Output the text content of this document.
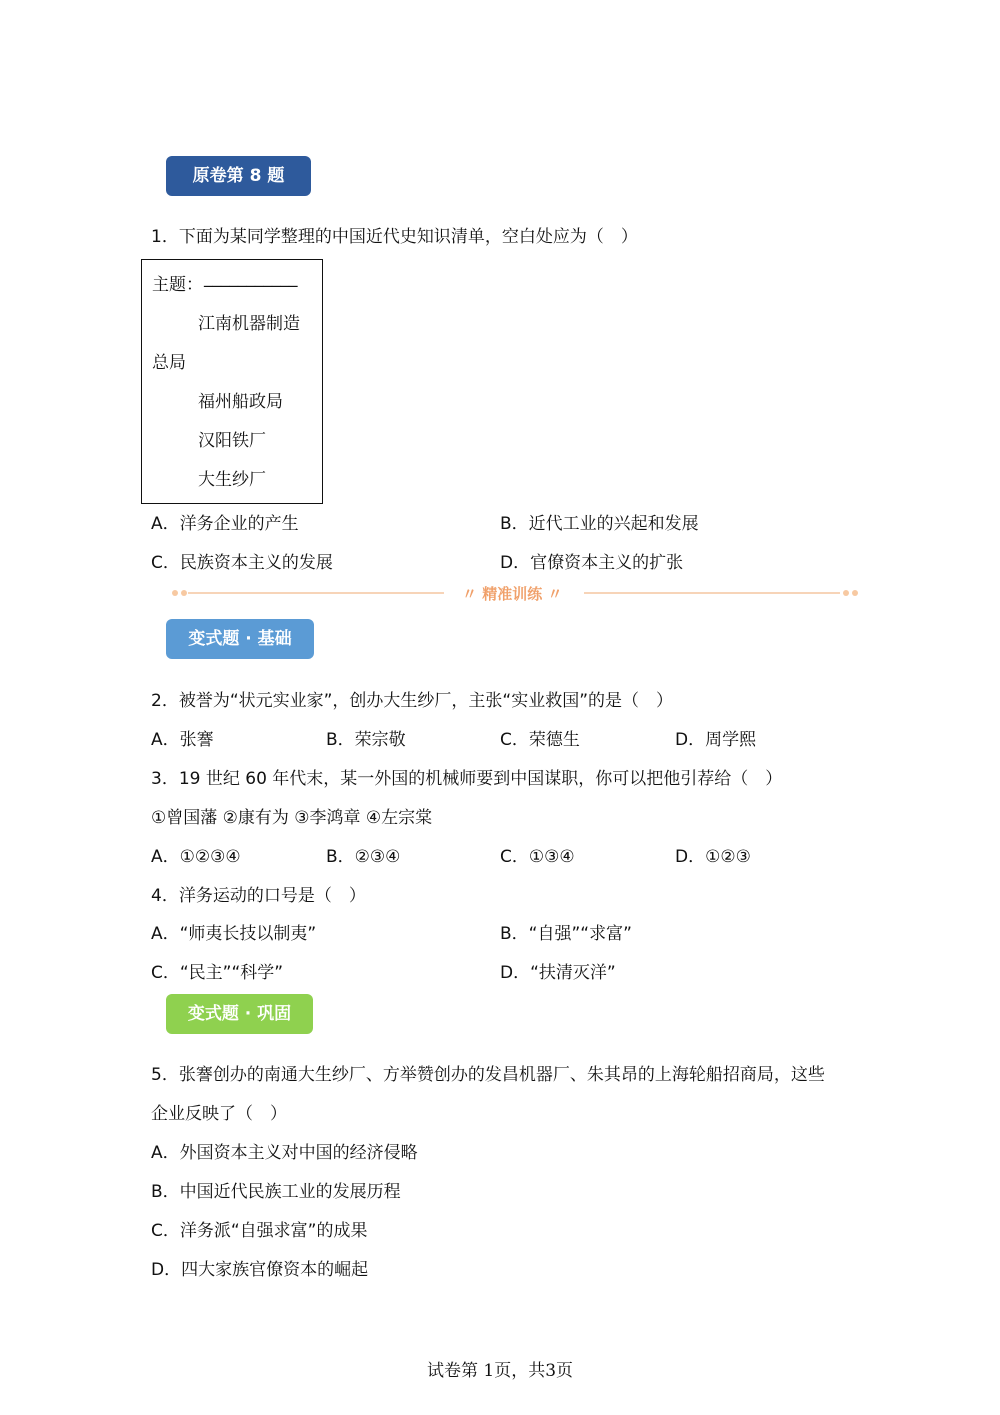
原卷第 8 题
1．下面为某同学整理的中国近代史知识清单，空白处应为（　）
主题： ___________
江南机器制造
总局
福州船政局
汉阳铁厂
大生纱厂
A．洋务企业的产生	B．近代工业的兴起和发展
C．民族资本主义的发展	D．官僚资本主义的扩张
〃 精准训练 〃
变式题 · 基础
2．被誉为“状元实业家”，创办大生纱厂，主张“实业救国”的是（　）
A．张謇	B．荣宗敬	C．荣德生	D．周学熙
3．19 世纪 60 年代末，某一外国的机械师要到中国谋职，你可以把他引荐给（　）
①曾国藩 ②康有为 ③李鸿章 ④左宗棠
A．①②③④	B．②③④	C．①③④	D．①②③
4．洋务运动的口号是（　）
A．“师夷长技以制夷”	B．“自强”“求富”
C．“民主”“科学”	D．“扶清灭洋”
变式题 · 巩固
5．张謇创办的南通大生纱厂、方举赞创办的发昌机器厂、朱其昂的上海轮船招商局，这些
企业反映了（　）
A．外国资本主义对中国的经济侵略
B．中国近代民族工业的发展历程
C．洋务派“自强求富”的成果
D．四大家族官僚资本的崛起
试卷第 1页，共3页
